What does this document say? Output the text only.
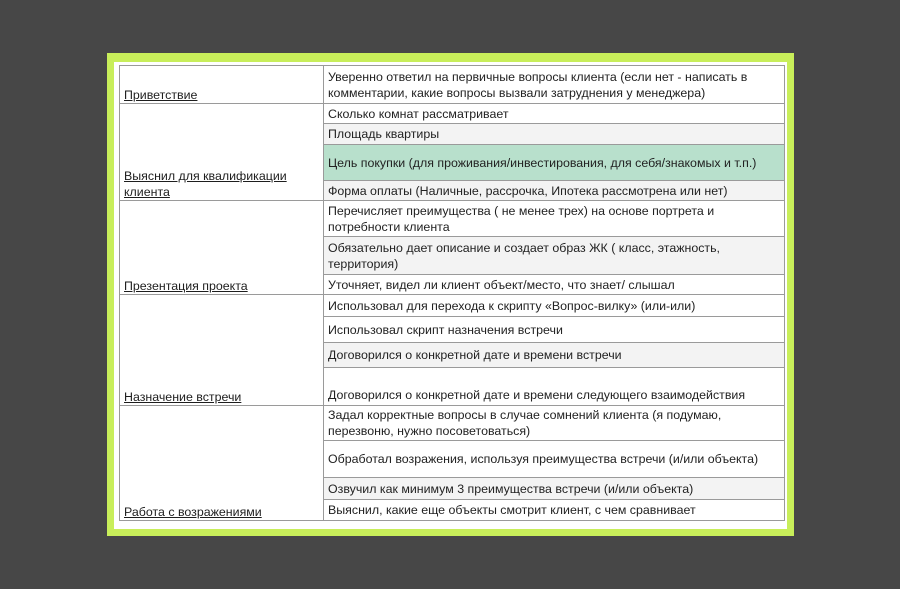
Приветствие	Уверенно ответил на первичные вопросы клиента (если нет - написать в комментарии, какие вопросы вызвали затруднения у менеджера)
Выяснил для квалификации клиента	Сколько комнат рассматривает
	Площадь квартиры
	Цель покупки (для проживания/инвестирования, для себя/знакомых и т.п.)
	Форма оплаты (Наличные, рассрочка, Ипотека рассмотрена или нет)
Презентация проекта	Перечисляет преимущества ( не менее трех) на основе портрета и потребности клиента
	Обязательно дает описание и создает образ ЖК ( класс, этажность, территория)
	Уточняет, видел ли клиент объект/место, что знает/ слышал
Назначение встречи	Использовал для перехода к скрипту «Вопрос-вилку» (или-или)
	Использовал скрипт назначения встречи
	Договорился о конкретной дате и времени встречи
	Договорился о конкретной дате и времени следующего взаимодействия
Работа с возражениями	Задал корректные вопросы в случае сомнений клиента (я подумаю, перезвоню, нужно посоветоваться)
	Обработал возражения, используя преимущества встречи (и/или объекта)
	Озвучил как минимум 3 преимущества встречи (и/или объекта)
	Выяснил, какие еще объекты смотрит клиент, с чем сравнивает
